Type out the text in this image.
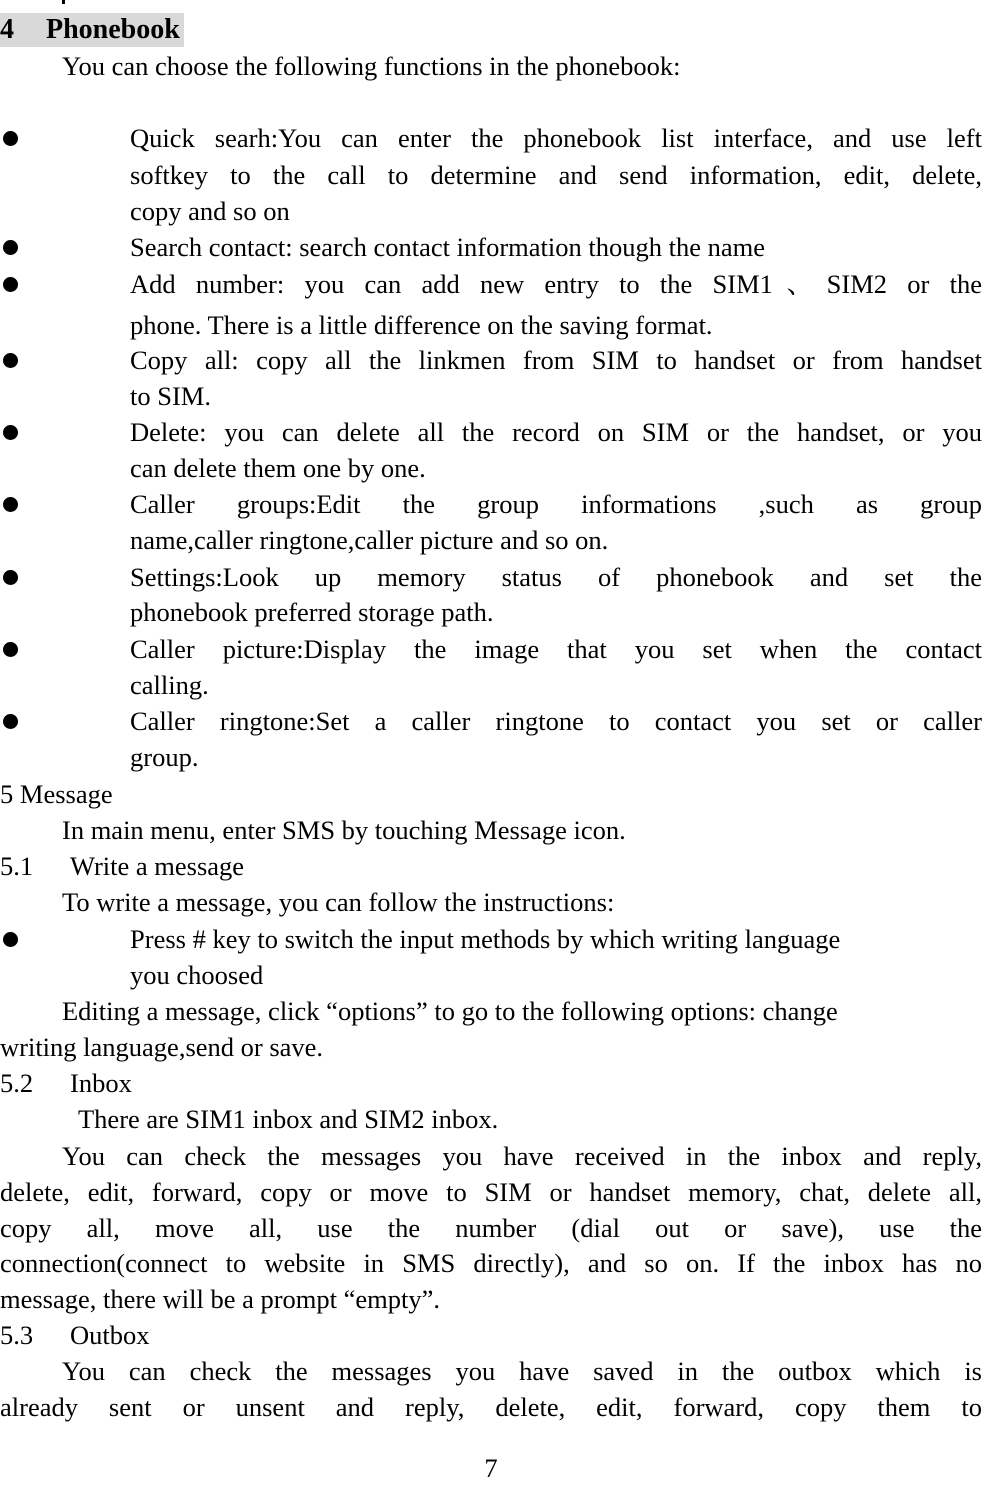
4 Phonebook
You can choose the following functions in the phonebook:
Quick searh:You can enter the phonebook list interface, and use left
softkey to the call to determine and send information, edit, delete,
copy and so on
Search contact: search contact information though the name
Add number: you can add new entry to the SIM1、SIM2 or the
phone. There is a little difference on the saving format.
Copy all: copy all the linkmen from SIM to handset or from handset
to SIM.
Delete: you can delete all the record on SIM or the handset, or you
can delete them one by one.
Caller groups:Edit the group informations ,such as group
name,caller ringtone,caller picture and so on.
Settings:Look up memory status of phonebook and set the
phonebook preferred storage path.
Caller picture:Display the image that you set when the contact
calling.
Caller ringtone:Set a caller ringtone to contact you set or caller
group.
5 Message
In main menu, enter SMS by touching Message icon.
5.1 Write a message
To write a message, you can follow the instructions:
Press # key to switch the input methods by which writing language
you choosed
Editing a message, click “options” to go to the following options: change
writing language,send or save.
5.2 Inbox
There are SIM1 inbox and SIM2 inbox.
You can check the messages you have received in the inbox and reply,
delete, edit, forward, copy or move to SIM or handset memory, chat, delete all,
copy all, move all, use the number (dial out or save), use the
connection(connect to website in SMS directly), and so on. If the inbox has no
message, there will be a prompt “empty”.
5.3 Outbox
You can check the messages you have saved in the outbox which is
already sent or unsent and reply, delete, edit, forward, copy them to
7
